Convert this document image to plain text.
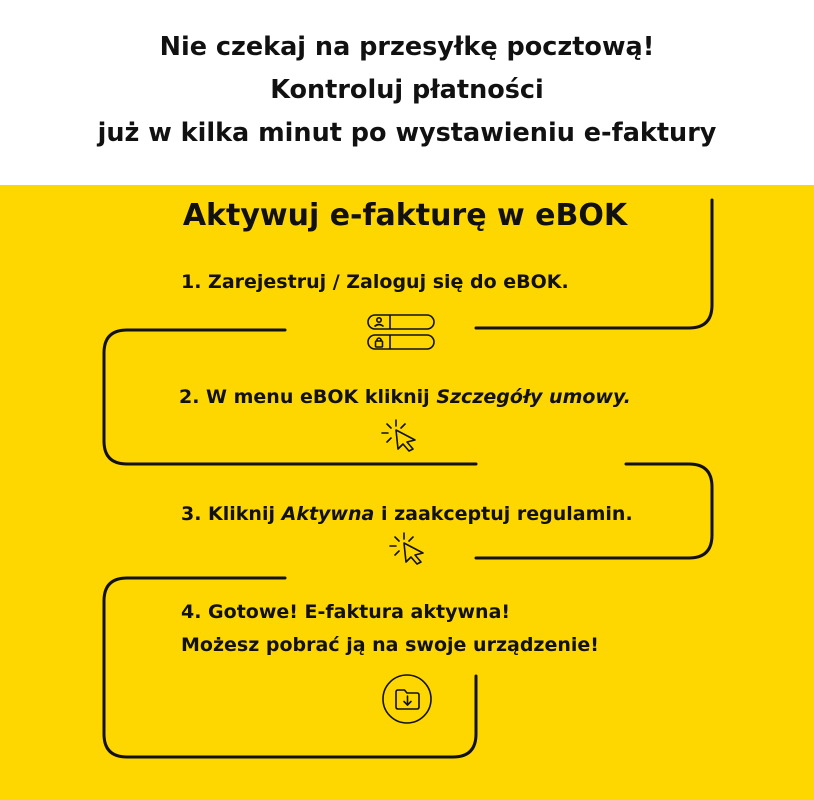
Nie czekaj na przesyłkę pocztową!
Kontroluj płatności
już w kilka minut po wystawieniu e-faktury
Aktywuj e-fakturę w eBOK
1. Zarejestruj / Zaloguj się do eBOK.
2. W menu eBOK kliknij Szczegóły umowy.
3. Kliknij Aktywna i zaakceptuj regulamin.
4. Gotowe! E-faktura aktywna!
Możesz pobrać ją na swoje urządzenie!
